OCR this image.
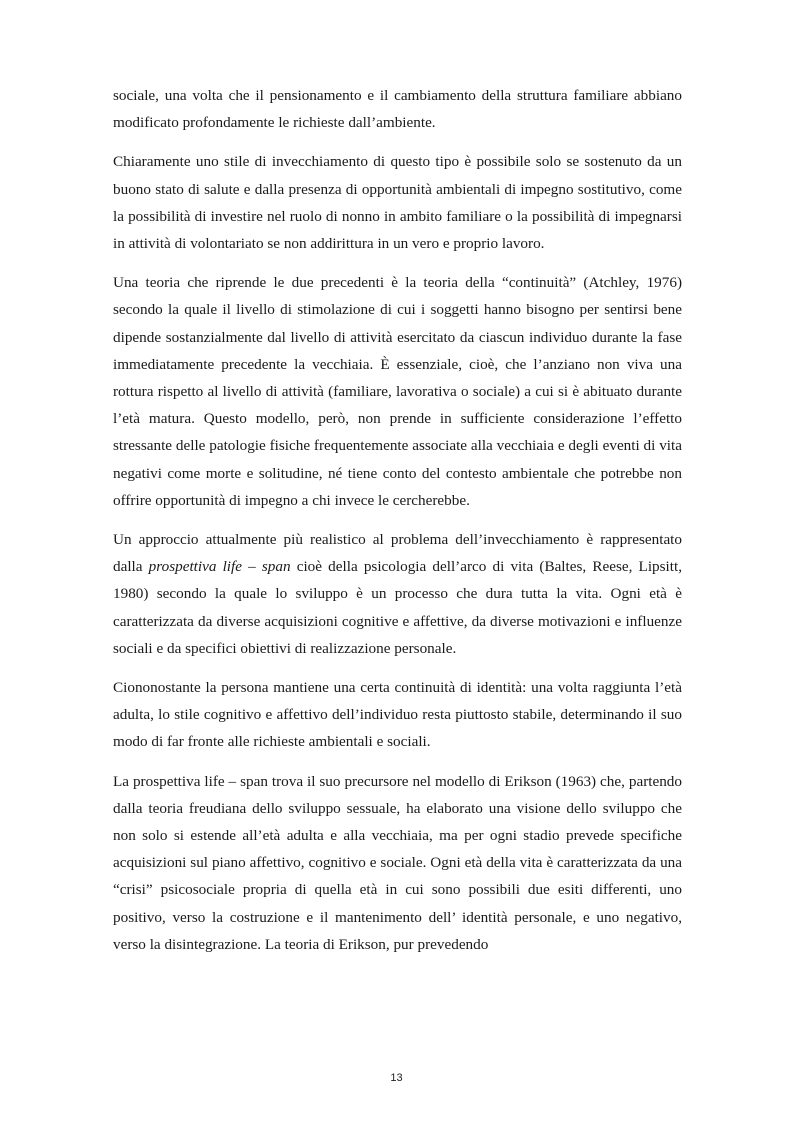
sociale, una volta che il pensionamento e il cambiamento della struttura familiare abbiano modificato profondamente le richieste dall’ambiente.

Chiaramente uno stile di invecchiamento di questo tipo è possibile solo se sostenuto da un buono stato di salute e dalla presenza di opportunità ambientali di impegno sostitutivo, come la possibilità di investire nel ruolo di nonno in ambito familiare o la possibilità di impegnarsi in attività di volontariato se non addirittura in un vero e proprio lavoro.

Una teoria che riprende le due precedenti è la teoria della “continuità” (Atchley, 1976) secondo la quale il livello di stimolazione di cui i soggetti hanno bisogno per sentirsi bene dipende sostanzialmente dal livello di attività esercitato da ciascun individuo durante la fase immediatamente precedente la vecchiaia. È essenziale, cioè, che l’anziano non viva una rottura rispetto al livello di attività (familiare, lavorativa o sociale) a cui si è abituato durante l’età matura. Questo modello, però, non prende in sufficiente considerazione l’effetto stressante delle patologie fisiche frequentemente associate alla vecchiaia e degli eventi di vita negativi come morte e solitudine, né tiene conto del contesto ambientale che potrebbe non offrire opportunità di impegno a chi invece le cercherebbe.

Un approccio attualmente più realistico al problema dell’invecchiamento è rappresentato dalla prospettiva life – span cioè della psicologia dell’arco di vita (Baltes, Reese, Lipsitt, 1980) secondo la quale lo sviluppo è un processo che dura tutta la vita. Ogni età è caratterizzata da diverse acquisizioni cognitive e affettive, da diverse motivazioni e influenze sociali e da specifici obiettivi di realizzazione personale.

Ciononostante la persona mantiene una certa continuità di identità: una volta raggiunta l’età adulta, lo stile cognitivo e affettivo dell’individuo resta piuttosto stabile, determinando il suo modo di far fronte alle richieste ambientali e sociali.

La prospettiva life – span trova il suo precursore nel modello di Erikson (1963) che, partendo dalla teoria freudiana dello sviluppo sessuale, ha elaborato una visione dello sviluppo che non solo si estende all’età adulta e alla vecchiaia, ma per ogni stadio prevede specifiche acquisizioni sul piano affettivo, cognitivo e sociale. Ogni età della vita è caratterizzata da una “crisi” psicosociale propria di quella età in cui sono possibili due esiti differenti, uno positivo, verso la costruzione e il mantenimento dell’ identità personale, e uno negativo, verso la disintegrazione. La teoria di Erikson, pur prevedendo

13
